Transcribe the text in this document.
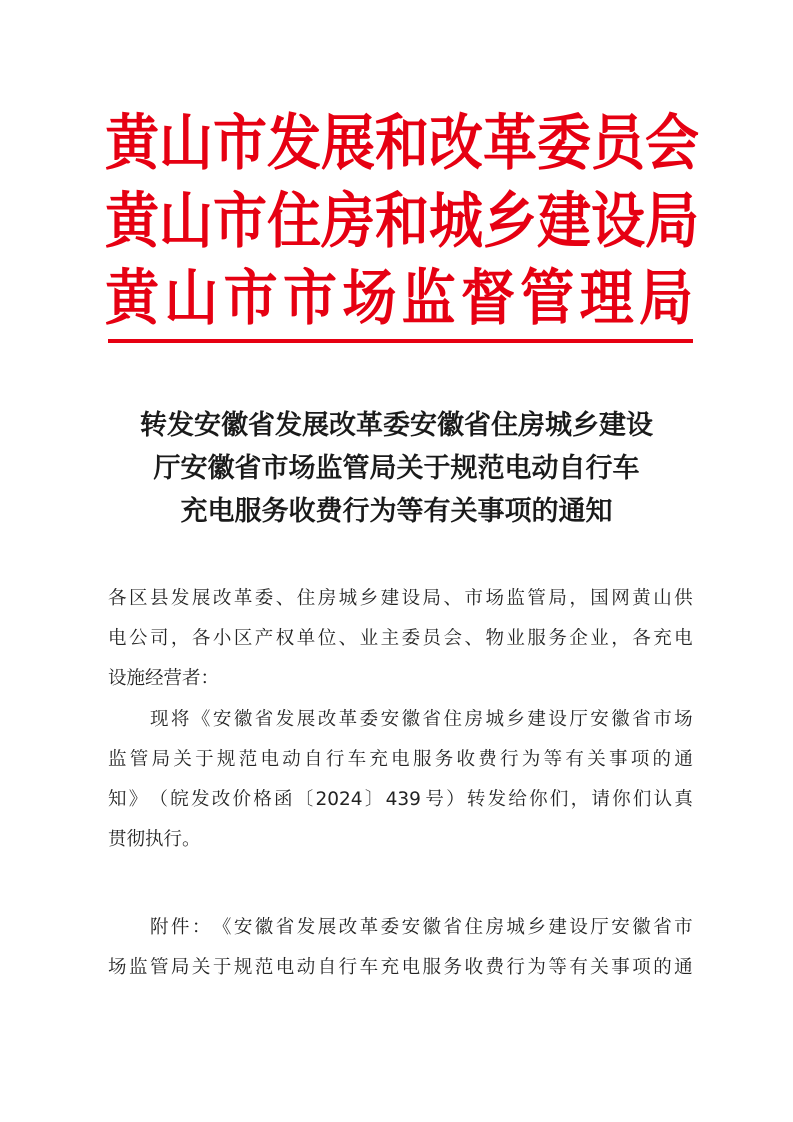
黄 山 市 发 展 和 改 革 委 员 会
黄 山 市 住 房 和 城 乡 建 设 局
黄 山 市 市 场 监 督 管 理 局
转发安徽省发展改革委安徽省住房城乡建设
厅安徽省市场监管局关于规范电动自行车
充电服务收费行为等有关事项的通知
各 区 县 发 展 改 革 委 、 住 房 城 乡 建 设 局 、 市 场 监 管 局 ， 国 网 黄 山 供
电 公 司 ， 各 小 区 产 权 单 位 、 业 主 委 员 会 、 物 业 服 务 企 业 ， 各 充 电
设施经营者：

现 将 《 安 徽 省 发 展 改 革 委 安 徽 省 住 房 城 乡 建 设 厅 安 徽 省 市 场
监 管 局 关 于 规 范 电 动 自 行 车 充 电 服 务 收 费 行 为 等 有 关 事 项 的 通
知 》 （ 皖 发 改 价 格 函 〔 2024 〕 439 号 ） 转 发 给 你 们 ， 请 你 们 认 真
贯彻执行。

附 件 ： 《 安 徽 省 发 展 改 革 委 安 徽 省 住 房 城 乡 建 设 厅 安 徽 省 市
场 监 管 局 关 于 规 范 电 动 自 行 车 充 电 服 务 收 费 行 为 等 有 关 事 项 的 通
